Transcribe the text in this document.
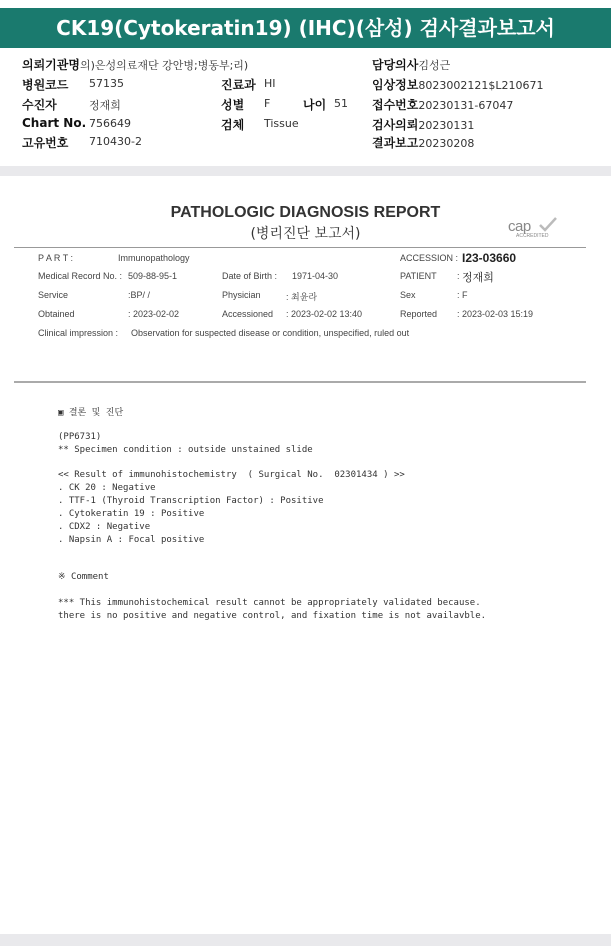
CK19(Cytokeratin19) (IHC)(삼성) 검사결과보고서
의뢰기관명의)은성의료재단 강안병;병동부;리)	담당의사김성근
병원코드 57135	진료과 HI	임상정보8023002121$L210671
수진자	정재희	성별 F	나이 51 접수번호20230131-67047
Chart No. 756649	검체 Tissue	검사의뢰20230131
고유번호 710430-2	결과보고20230208
PATHOLOGIC DIAGNOSIS REPORT
(병리진단 보고서)	cap
ACCREDITED
P A R T :	Immunopathology	ACCESSION : I23-03660
Medical Record No. : 509-88-95-1	Date of Birth : 1971-04-30	PATIENT : 정재희
Service	:BP/ /	Physician	: 최윤라	Sex	: F
Obtained	: 2023-02-02	Accessioned : 2023-02-02 13:40	Reported : 2023-02-03 15:19
Clinical impression : Observation for suspected disease or condition, unspecified, ruled out
▣ 결론 및 진단
(PP6731)
** Specimen condition : outside unstained slide
<< Result of immunohistochemistry  ( Surgical No.  02301434 ) >>
. CK 20 : Negative
. TTF-1 (Thyroid Transcription Factor) : Positive
. Cytokeratin 19 : Positive
. CDX2 : Negative
. Napsin A : Focal positive
※ Comment
*** This immunohistochemical result cannot be appropriately validated because.
there is no positive and negative control, and fixation time is not availavble.
